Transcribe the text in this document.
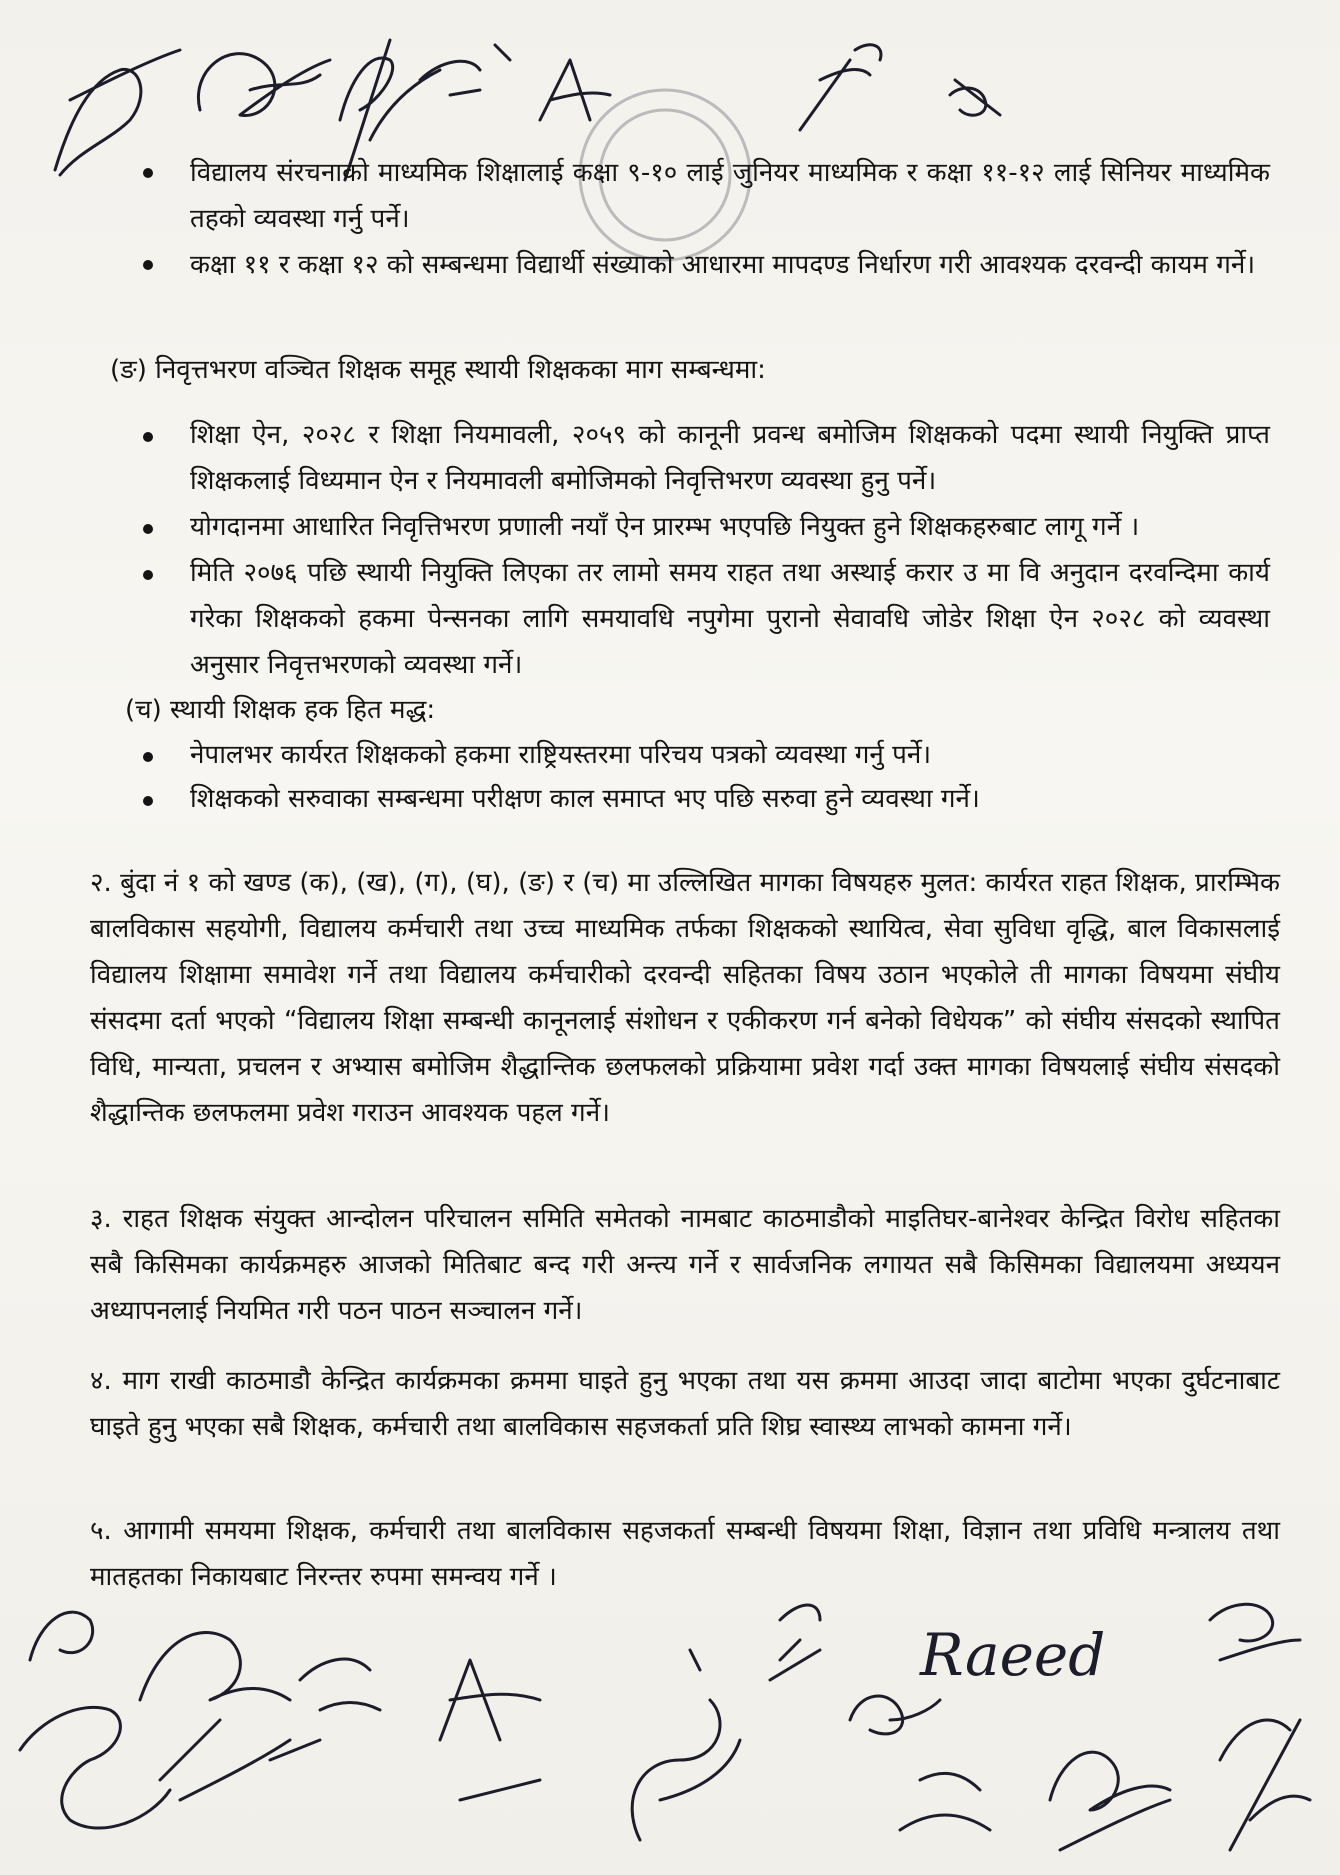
Raeed
विद्यालय संरचनाको माध्यमिक शिक्षालाई कक्षा ९-१० लाई जुनियर माध्यमिक र कक्षा ११-१२ लाई सिनियर माध्यमिक तहको व्यवस्था गर्नु पर्ने।
कक्षा ११ र कक्षा १२ को सम्बन्धमा विद्यार्थी संख्याको आधारमा मापदण्ड निर्धारण गरी आवश्यक दरवन्दी कायम गर्ने।
(ङ) निवृत्तभरण वञ्चित शिक्षक समूह स्थायी शिक्षकका माग सम्बन्धमा:
शिक्षा ऐन, २०२८ र शिक्षा नियमावली, २०५९ को कानूनी प्रवन्ध बमोजिम शिक्षकको पदमा स्थायी नियुक्ति प्राप्त शिक्षकलाई विध्यमान ऐन र नियमावली बमोजिमको निवृत्तिभरण व्यवस्था हुनु पर्ने।
योगदानमा आधारित निवृत्तिभरण प्रणाली नयाँ ऐन प्रारम्भ भएपछि नियुक्त हुने शिक्षकहरुबाट लागू गर्ने ।
मिति २०७६ पछि स्थायी नियुक्ति लिएका तर लामो समय राहत तथा अस्थाई करार उ मा वि अनुदान दरवन्दिमा कार्य गरेका शिक्षकको हकमा पेन्सनका लागि समयावधि नपुगेमा पुरानो सेवावधि जोडेर शिक्षा ऐन २०२८ को व्यवस्था अनुसार निवृत्तभरणको व्यवस्था गर्ने।
(च) स्थायी शिक्षक हक हित मद्ध:
नेपालभर कार्यरत शिक्षकको हकमा राष्ट्रियस्तरमा परिचय पत्रको व्यवस्था गर्नु पर्ने।
शिक्षकको सरुवाका सम्बन्धमा परीक्षण काल समाप्त भए पछि सरुवा हुने व्यवस्था गर्ने।
२. बुंदा नं १ को खण्ड (क), (ख), (ग), (घ), (ङ) र (च) मा उल्लिखित मागका विषयहरु मुलत: कार्यरत राहत शिक्षक, प्रारम्भिक बालविकास सहयोगी, विद्यालय कर्मचारी तथा उच्च माध्यमिक तर्फका शिक्षकको स्थायित्व, सेवा सुविधा वृद्धि, बाल विकासलाई विद्यालय शिक्षामा समावेश गर्ने तथा विद्यालय कर्मचारीको दरवन्दी सहितका विषय उठान भएकोले ती मागका विषयमा संघीय संसदमा दर्ता भएको “विद्यालय शिक्षा सम्बन्धी कानूनलाई संशोधन र एकीकरण गर्न बनेको विधेयक” को संघीय संसदको स्थापित विधि, मान्यता, प्रचलन र अभ्यास बमोजिम शैद्धान्तिक छलफलको प्रक्रियामा प्रवेश गर्दा उक्त मागका विषयलाई संघीय संसदको शैद्धान्तिक छलफलमा प्रवेश गराउन आवश्यक पहल गर्ने।
३. राहत शिक्षक संयुक्त आन्दोलन परिचालन समिति समेतको नामबाट काठमाडौको माइतिघर-बानेश्वर केन्द्रित विरोध सहितका सबै किसिमका कार्यक्रमहरु आजको मितिबाट बन्द गरी अन्त्य गर्ने र सार्वजनिक लगायत सबै किसिमका विद्यालयमा अध्ययन अध्यापनलाई नियमित गरी पठन पाठन सञ्चालन गर्ने।
४. माग राखी काठमाडौ केन्द्रित कार्यक्रमका क्रममा घाइते हुनु भएका तथा यस क्रममा आउदा जादा बाटोमा भएका दुर्घटनाबाट घाइते हुनु भएका सबै शिक्षक, कर्मचारी तथा बालविकास सहजकर्ता प्रति शिघ्र स्वास्थ्य लाभको कामना गर्ने।
५. आगामी समयमा शिक्षक, कर्मचारी तथा बालविकास सहजकर्ता सम्बन्धी विषयमा शिक्षा, विज्ञान तथा प्रविधि मन्त्रालय तथा मातहतका निकायबाट निरन्तर रुपमा समन्वय गर्ने ।
